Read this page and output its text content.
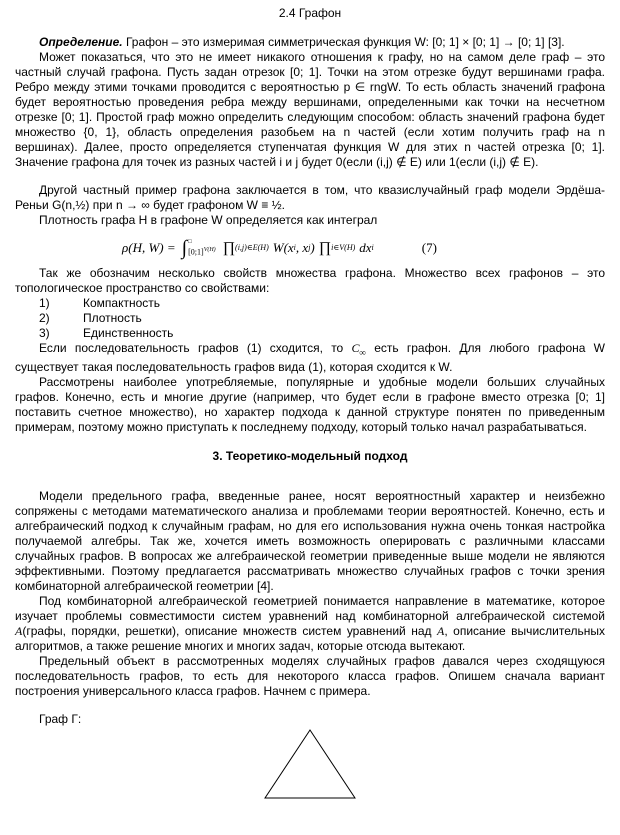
2.4 Графон

Определение. Графон – это измеримая симметрическая функция W: [0; 1] × [0; 1] → [0; 1] [3].

Может показаться, что это не имеет никакого отношения к графу, но на самом деле граф – это частный случай графона. Пусть задан отрезок [0; 1]. Точки на этом отрезке будут вершинами графа. Ребро между этими точками проводится с вероятностью p ∈ rngW. То есть область значений графона будет вероятностью проведения ребра между вершинами, определенными как точки на несчетном отрезке [0; 1]. Простой граф можно определить следующим способом: область значений графона будет множество {0, 1}, область определения разобьем на n частей (если хотим получить граф на n вершинах). Далее, просто определяется ступенчатая функция W для этих n частей отрезка [0; 1]. Значение графона для точек из разных частей i и j будет 0(если (i,j) ∉ E) или 1(если (i,j) ∉ E).

Другой частный пример графона заключается в том, что квазислучайный граф модели Эрдёша-Реньи G(n,½) при n → ∞ будет графоном W ≡ ½.

Плотность графа H в графоне W определяется как интеграл

ρ(H, W) = ∫ □
[0;1]$^{V(H)}$ ∏ (i,j)∈E(H) W(x i , x j ) ∏ i∈V(H) dx i	(7)

Так же обозначим несколько свойств множества графона. Множество всех графонов – это топологическое пространство со свойствами:

1)	Компактность
2)	Плотность
3)	Единственность

Если последовательность графов (1) сходится, то $C_\infty$ есть графон. Для любого графона W существует такая последовательность графов вида (1), которая сходится к W.

Рассмотрены наиболее употребляемые, популярные и удобные модели больших случайных графов. Конечно, есть и многие другие (например, что будет если в графоне вместо отрезка [0; 1] поставить счетное множество), но характер подхода к данной структуре понятен по приведенным примерам, поэтому можно приступать к последнему подходу, который только начал разрабатываться.

3. Теоретико-модельный подход

Модели предельного графа, введенные ранее, носят вероятностный характер и неизбежно сопряжены с методами математического анализа и проблемами теории вероятностей. Конечно, есть и алгебраический подход к случайным графам, но для его использования нужна очень тонкая настройка получаемой алгебры. Так же, хочется иметь возможность оперировать с различными классами случайных графов. В вопросах же алгебраической геометрии приведенные выше модели не являются эффективными. Поэтому предлагается рассматривать множество случайных графов с точки зрения комбинаторной алгебраической геометрии [4].

Под комбинаторной алгебраической геометрией понимается направление в математике, которое изучает проблемы совместимости систем уравнений над комбинаторной алгебраической системой A(графы, порядки, решетки), описание множеств систем уравнений над A, описание вычислительных алгоритмов, а также решение многих и многих задач, которые отсюда вытекают.

Предельный объект в рассмотренных моделях случайных графов давался через сходящуюся последовательность графов, то есть для некоторого класса графов. Опишем сначала вариант построения универсального класса графов. Начнем с примера.

Граф Г:
